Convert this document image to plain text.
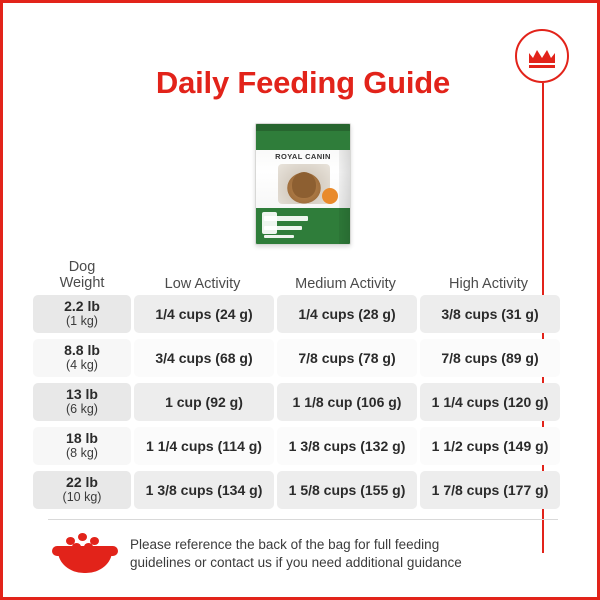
Daily Feeding Guide
ROYAL CANIN
Dog
Weight	Low Activity	Medium Activity	High Activity
2.2 lb
(1 kg)	1/4 cups (24 g)	1/4 cups (28 g)	3/8 cups (31 g)
8.8 lb
(4 kg)	3/4 cups (68 g)	7/8 cups (78 g)	7/8 cups (89 g)
13 lb
(6 kg)	1 cup (92 g)	1 1/8 cup (106 g)	1 1/4 cups (120 g)
18 lb
(8 kg)	1 1/4 cups (114 g)	1 3/8 cups (132 g)	1 1/2 cups (149 g)
22 lb
(10 kg)	1 3/8 cups (134 g)	1 5/8 cups (155 g)	1 7/8 cups (177 g)
Please reference the back of the bag for full feeding
guidelines or contact us if you need additional guidance
